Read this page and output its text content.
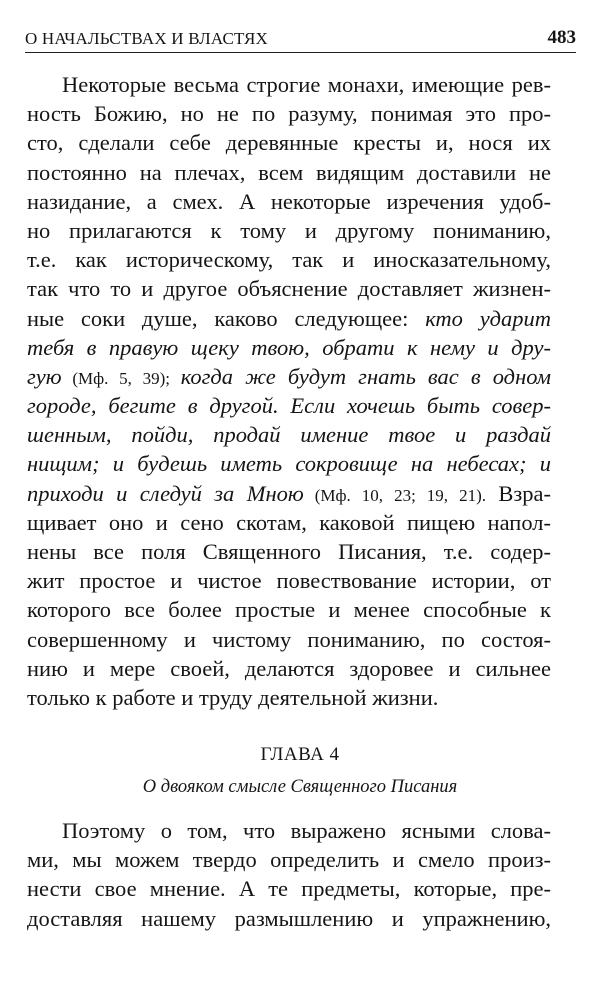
О НАЧАЛЬСТВАХ И ВЛАСТЯХ	483
Некоторые весьма строгие монахи, имеющие рев-
ность Божию, но не по разуму, понимая это про-
сто, сделали себе деревянные кресты и, нося их
постоянно на плечах, всем видящим доставили не
назидание, а смех. А некоторые изречения удоб-
но прилагаются к тому и другому пониманию,
т.е. как историческому, так и иносказательному,
так что то и другое объяснение доставляет жизнен-
ные соки душе, каково следующее: кто ударит
тебя в правую щеку твою, обрати к нему и дру-
гую (Мф. 5, 39); когда же будут гнать вас в одном
городе, бегите в другой. Если хочешь быть совер-
шенным, пойди, продай имение твое и раздай
нищим; и будешь иметь сокровище на небесах; и
приходи и следуй за Мною (Мф. 10, 23; 19, 21). Взра-
щивает оно и сено скотам, каковой пищею напол-
нены все поля Священного Писания, т.е. содер-
жит простое и чистое повествование истории, от
которого все более простые и менее способные к
совершенному и чистому пониманию, по состоя-
нию и мере своей, делаются здоровее и сильнее
только к работе и труду деятельной жизни.
ГЛАВА 4
О двояком смысле Священного Писания
Поэтому о том, что выражено ясными слова-
ми, мы можем твердо определить и смело произ-
нести свое мнение. А те предметы, которые, пре-
доставляя нашему размышлению и упражнению,
